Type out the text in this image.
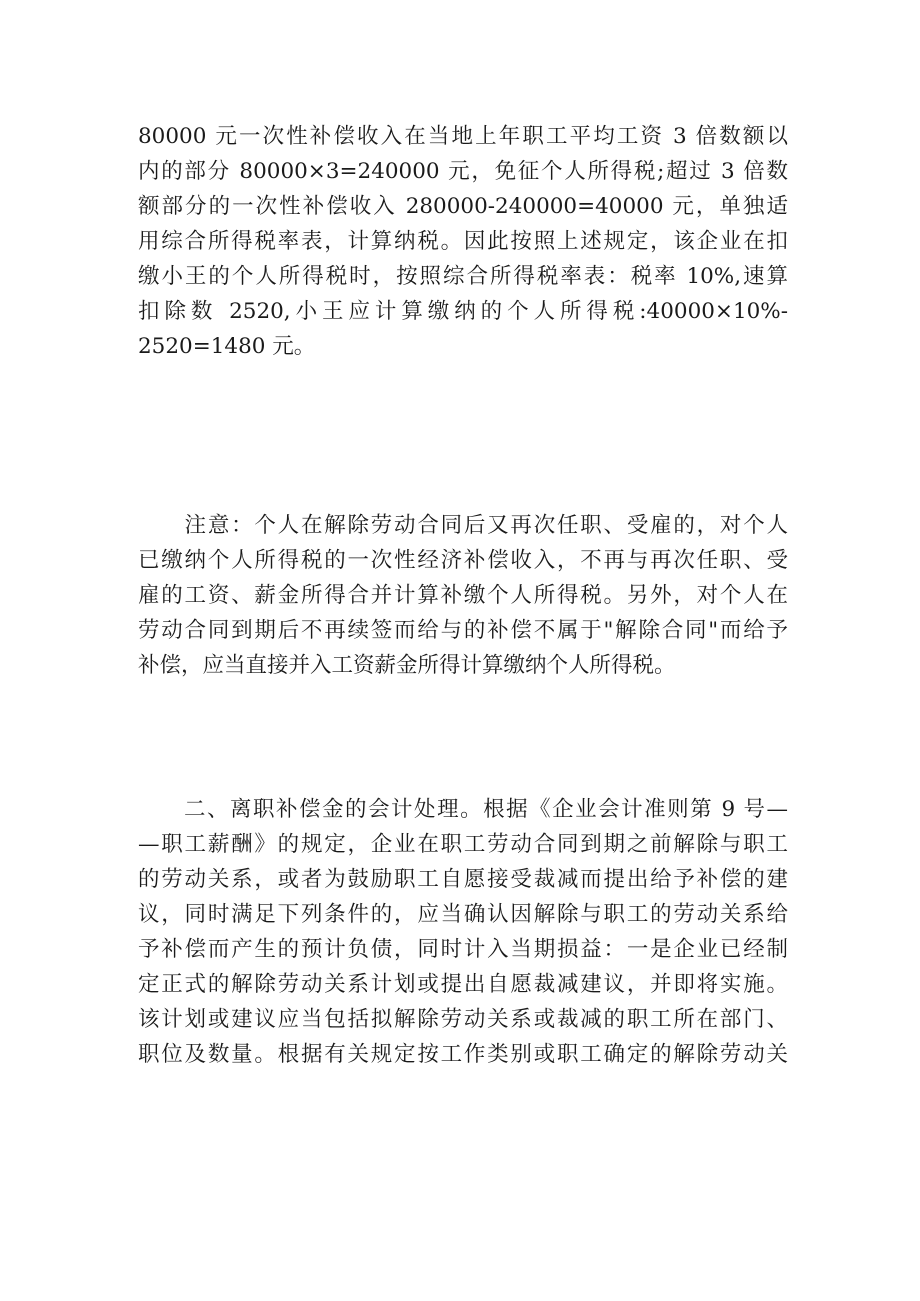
80000 元一次性补偿收入在当地上年职工平均工资 3 倍数额以
内的部分 80000×3=240000 元，免征个人所得税;超过 3 倍数
额部分的一次性补偿收入 280000-240000=40000 元，单独适
用综合所得税率表，计算纳税。因此按照上述规定，该企业在扣
缴小王的个人所得税时，按照综合所得税率表：税率 10%,速算
扣除数 2520,小王应计算缴纳的个人所得税:40000×10%-
2520=1480 元。
　　注意：个人在解除劳动合同后又再次任职、受雇的，对个人
已缴纳个人所得税的一次性经济补偿收入，不再与再次任职、受
雇的工资、薪金所得合并计算补缴个人所得税。另外，对个人在
劳动合同到期后不再续签而给与的补偿不属于"解除合同"而给予
补偿，应当直接并入工资薪金所得计算缴纳个人所得税。
　　二、离职补偿金的会计处理。根据《企业会计准则第 9 号—
—职工薪酬》的规定，企业在职工劳动合同到期之前解除与职工
的劳动关系，或者为鼓励职工自愿接受裁减而提出给予补偿的建
议，同时满足下列条件的，应当确认因解除与职工的劳动关系给
予补偿而产生的预计负债，同时计入当期损益：一是企业已经制
定正式的解除劳动关系计划或提出自愿裁减建议，并即将实施。
该计划或建议应当包括拟解除劳动关系或裁减的职工所在部门、
职位及数量。根据有关规定按工作类别或职工确定的解除劳动关
